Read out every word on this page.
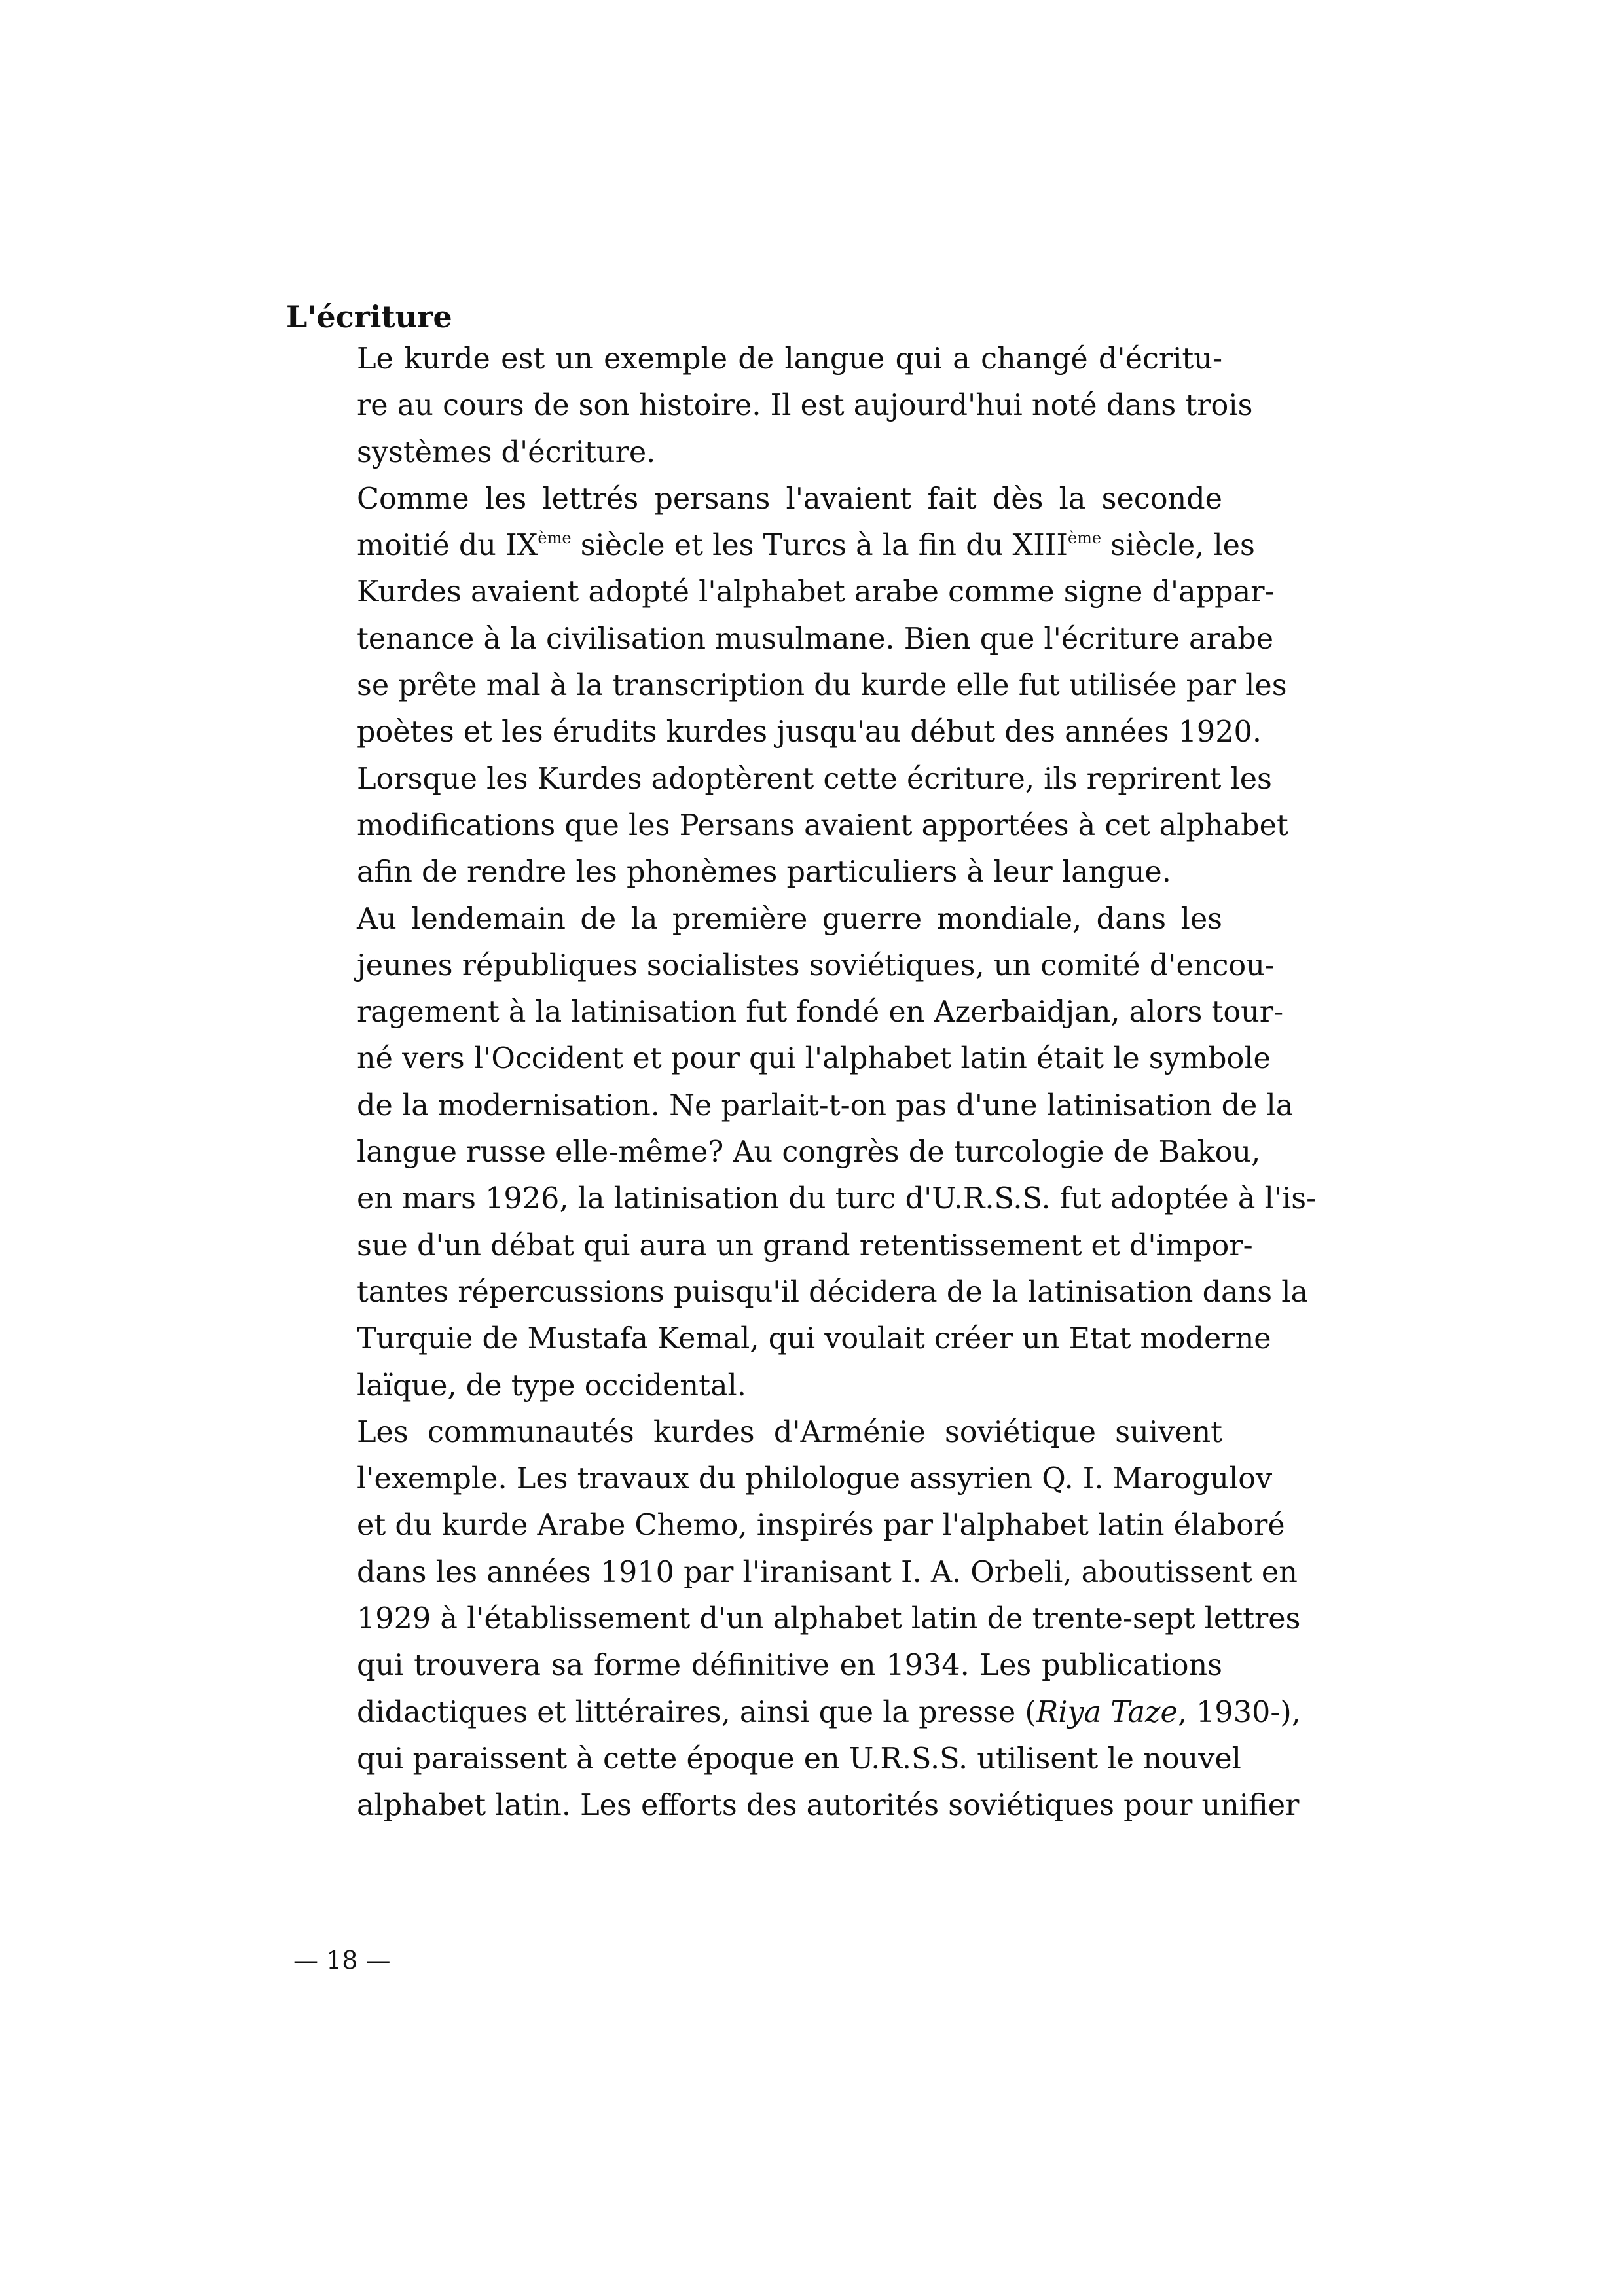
L'écriture

Le kurde est un exemple de langue qui a changé d'écritu-
re au cours de son histoire. Il est aujourd'hui noté dans trois
systèmes d'écriture.

Comme les lettrés persans l'avaient fait dès la seconde
moitié du IXème siècle et les Turcs à la fin du XIIIème siècle, les
Kurdes avaient adopté l'alphabet arabe comme signe d'appar-
tenance à la civilisation musulmane. Bien que l'écriture arabe
se prête mal à la transcription du kurde elle fut utilisée par les
poètes et les érudits kurdes jusqu'au début des années 1920.
Lorsque les Kurdes adoptèrent cette écriture, ils reprirent les
modifications que les Persans avaient apportées à cet alphabet
afin de rendre les phonèmes particuliers à leur langue.

Au lendemain de la première guerre mondiale, dans les
jeunes républiques socialistes soviétiques, un comité d'encou-
ragement à la latinisation fut fondé en Azerbaidjan, alors tour-
né vers l'Occident et pour qui l'alphabet latin était le symbole
de la modernisation. Ne parlait-t-on pas d'une latinisation de la
langue russe elle-même? Au congrès de turcologie de Bakou,
en mars 1926, la latinisation du turc d'U.R.S.S. fut adoptée à l'is-
sue d'un débat qui aura un grand retentissement et d'impor-
tantes répercussions puisqu'il décidera de la latinisation dans la
Turquie de Mustafa Kemal, qui voulait créer un Etat moderne
laïque, de type occidental.

Les communautés kurdes d'Arménie soviétique suivent
l'exemple. Les travaux du philologue assyrien Q. I. Marogulov
et du kurde Arabe Chemo, inspirés par l'alphabet latin élaboré
dans les années 1910 par l'iranisant I. A. Orbeli, aboutissent en
1929 à l'établissement d'un alphabet latin de trente-sept lettres
qui trouvera sa forme définitive en 1934. Les publications
didactiques et littéraires, ainsi que la presse (Riya Taze, 1930-),
qui paraissent à cette époque en U.R.S.S. utilisent le nouvel
alphabet latin. Les efforts des autorités soviétiques pour unifier

— 18 —
